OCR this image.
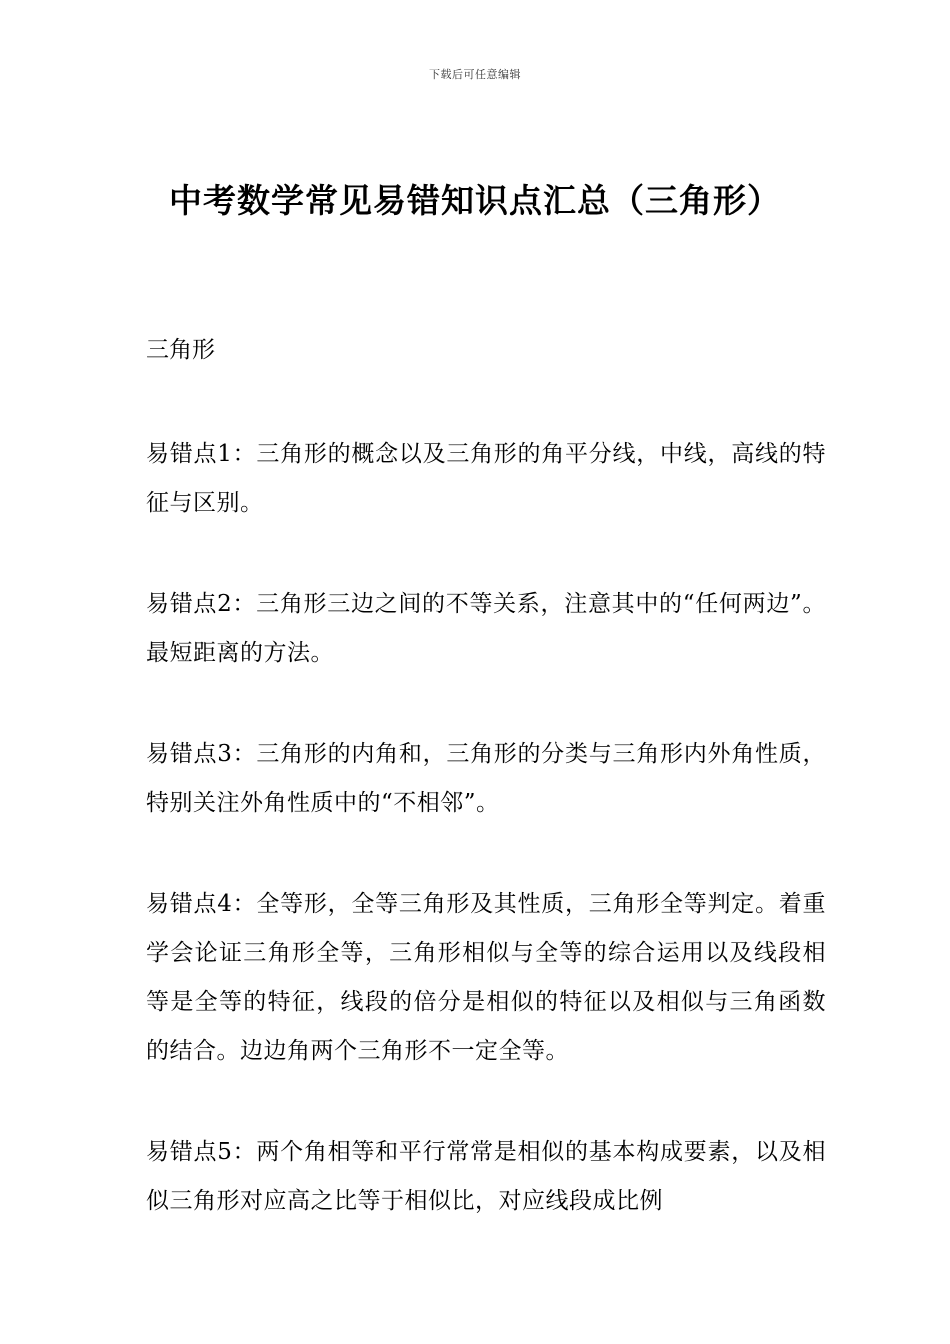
下载后可任意编辑
中考数学常见易错知识点汇总（三角形）
三角形

易错点1：三角形的概念以及三角形的角平分线，中线，高线的特征与区别。

易错点2：三角形三边之间的不等关系，注意其中的“任何两边”。最短距离的方法。

易错点3：三角形的内角和，三角形的分类与三角形内外角性质，特别关注外角性质中的“不相邻”。

易错点4：全等形，全等三角形及其性质，三角形全等判定。着重学会论证三角形全等，三角形相似与全等的综合运用以及线段相等是全等的特征，线段的倍分是相似的特征以及相似与三角函数的结合。边边角两个三角形不一定全等。

易错点5：两个角相等和平行常常是相似的基本构成要素，以及相似三角形对应高之比等于相似比，对应线段成比例
